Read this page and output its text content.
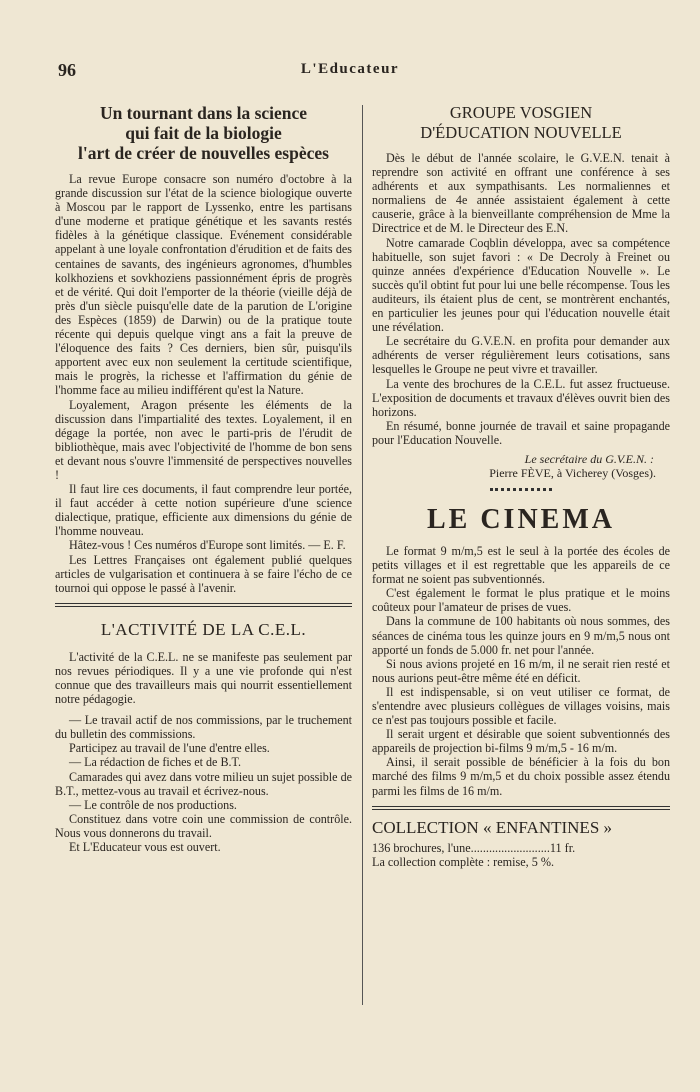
96	L'Educateur
Un tournant dans la science
qui fait de la biologie
l'art de créer de nouvelles espèces

La revue Europe consacre son numéro d'octobre à la grande discussion sur l'état de la science biologique ouverte à Moscou par le rapport de Lyssenko, entre les partisans d'une moderne et pratique génétique et les savants restés fidèles à la génétique classique. Evénement considérable appelant à une loyale confrontation d'érudition et de faits des centaines de savants, des ingénieurs agronomes, d'humbles kolkhoziens et sovkhoziens passionnément épris de progrès et de vérité. Qui doit l'emporter de la théorie (vieille déjà de près d'un siècle puisqu'elle date de la parution de L'origine des Espèces (1859) de Darwin) ou de la pratique toute récente qui depuis quelque vingt ans a fait la preuve de l'éloquence des faits ? Ces derniers, bien sûr, puisqu'ils apportent avec eux non seulement la certitude scientifique, mais le progrès, la richesse et l'affirmation du génie de l'homme face au milieu indifférent qu'est la Nature.

Loyalement, Aragon présente les éléments de la discussion dans l'impartialité des textes. Loyalement, il en dégage la portée, non avec le parti-pris de l'érudit de bibliothèque, mais avec l'objectivité de l'homme de bon sens et devant nous s'ouvre l'immensité de perspectives nouvelles !

Il faut lire ces documents, il faut comprendre leur portée, il faut accéder à cette notion supérieure d'une science dialectique, pratique, efficiente aux dimensions du génie de l'homme nouveau.

Hâtez-vous ! Ces numéros d'Europe sont limités. — E. F.

Les Lettres Françaises ont également publié quelques articles de vulgarisation et continuera à se faire l'écho de ce tournoi qui oppose le passé à l'avenir.

L'ACTIVITÉ DE LA C.E.L.

L'activité de la C.E.L. ne se manifeste pas seulement par nos revues périodiques. Il y a une vie profonde qui n'est connue que des travailleurs mais qui nourrit essentiellement notre pédagogie.

— Le travail actif de nos commissions, par le truchement du bulletin des commissions.

Participez au travail de l'une d'entre elles.

— La rédaction de fiches et de B.T.

Camarades qui avez dans votre milieu un sujet possible de B.T., mettez-vous au travail et écrivez-nous.

— Le contrôle de nos productions.

Constituez dans votre coin une commission de contrôle. Nous vous donnerons du travail.

Et L'Educateur vous est ouvert.

GROUPE VOSGIEN
D'ÉDUCATION NOUVELLE

Dès le début de l'année scolaire, le G.V.E.N. tenait à reprendre son activité en offrant une conférence à ses adhérents et aux sympathisants. Les normaliennes et normaliens de 4e année assistaient également à cette causerie, grâce à la bienveillante compréhension de Mme la Directrice et de M. le Directeur des E.N.

Notre camarade Coqblin développa, avec sa compétence habituelle, son sujet favori : « De Decroly à Freinet ou quinze années d'expérience d'Education Nouvelle ». Le succès qu'il obtint fut pour lui une belle récompense. Tous les auditeurs, ils étaient plus de cent, se montrèrent enchantés, en particulier les jeunes pour qui l'éducation nouvelle était une révélation.

Le secrétaire du G.V.E.N. en profita pour demander aux adhérents de verser régulièrement leurs cotisations, sans lesquelles le Groupe ne peut vivre et travailler.

La vente des brochures de la C.E.L. fut assez fructueuse. L'exposition de documents et travaux d'élèves ouvrit bien des horizons.

En résumé, bonne journée de travail et saine propagande pour l'Education Nouvelle.

Le secrétaire du G.V.E.N. :
Pierre FÈVE, à Vicherey (Vosges).
LE CINEMA

Le format 9 m/m,5 est le seul à la portée des écoles de petits villages et il est regrettable que les appareils de ce format ne soient pas subventionnés.

C'est également le format le plus pratique et le moins coûteux pour l'amateur de prises de vues.

Dans la commune de 100 habitants où nous sommes, des séances de cinéma tous les quinze jours en 9 m/m,5 nous ont apporté un fonds de 5.000 fr. net pour l'année.

Si nous avions projeté en 16 m/m, il ne serait rien resté et nous aurions peut-être même été en déficit.

Il est indispensable, si on veut utiliser ce format, de s'entendre avec plusieurs collègues de villages voisins, mais ce n'est pas toujours possible et facile.

Il serait urgent et désirable que soient subventionnés des appareils de projection bi-films 9 m/m,5 - 16 m/m.

Ainsi, il serait possible de bénéficier à la fois du bon marché des films 9 m/m,5 et du choix possible assez étendu parmi les films de 16 m/m.

COLLECTION « ENFANTINES »
136 brochures, l'une..........................11 fr.
La collection complète : remise, 5 %.
